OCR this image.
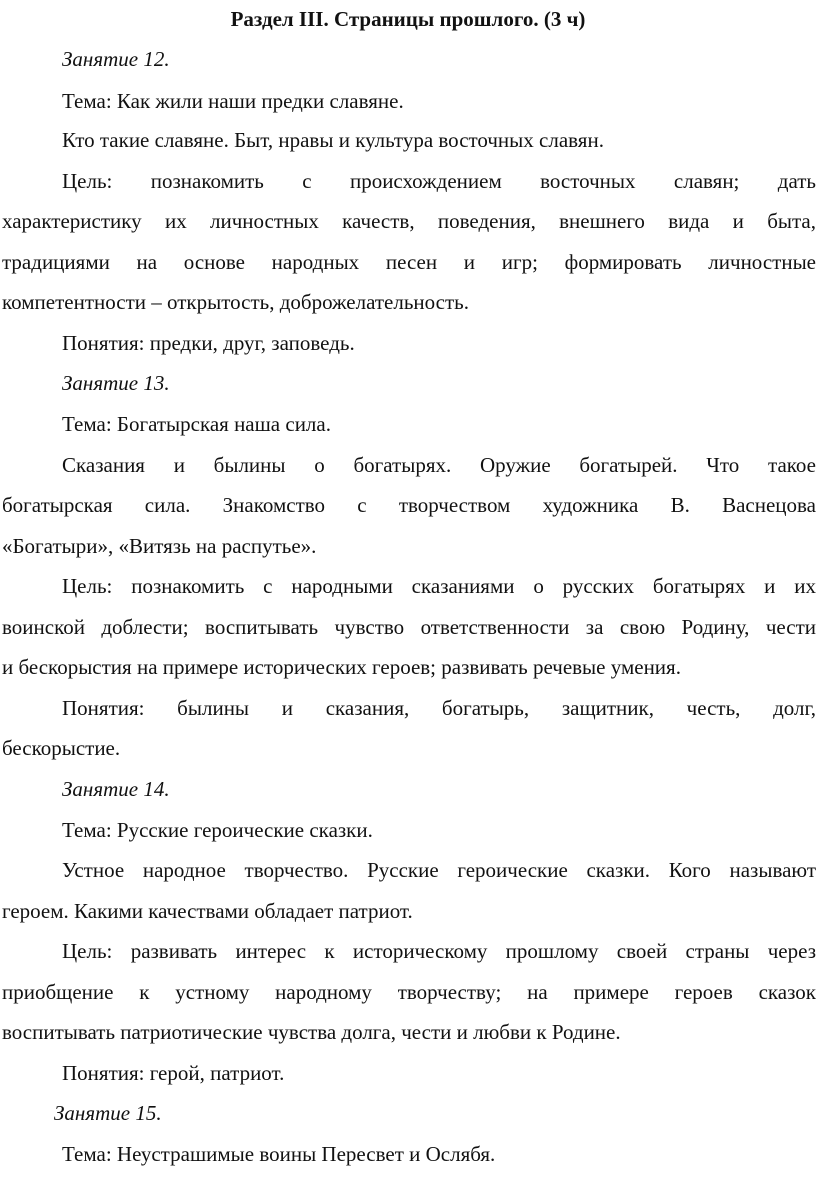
Раздел III. Страницы прошлого. (3 ч)
Занятие 12.
Тема: Как жили наши предки славяне.
Кто такие славяне. Быт, нравы и культура восточных славян.
Цель: познакомить с происхождением восточных славян; дать
характеристику их личностных качеств, поведения, внешнего вида и быта,
традициями на основе народных песен и игр; формировать личностные
компетентности – открытость, доброжелательность.
Понятия: предки, друг, заповедь.
Занятие 13.
Тема: Богатырская наша сила.
Сказания и былины о богатырях. Оружие богатырей. Что такое
богатырская сила. Знакомство с творчеством художника В. Васнецова
«Богатыри», «Витязь на распутье».
Цель: познакомить с народными сказаниями о русских богатырях и их
воинской доблести; воспитывать чувство ответственности за свою Родину, чести
и бескорыстия на примере исторических героев; развивать речевые умения.
Понятия: былины и сказания, богатырь, защитник, честь, долг,
бескорыстие.
Занятие 14.
Тема: Русские героические сказки.
Устное народное творчество. Русские героические сказки. Кого называют
героем. Какими качествами обладает патриот.
Цель: развивать интерес к историческому прошлому своей страны через
приобщение к устному народному творчеству; на примере героев сказок
воспитывать патриотические чувства долга, чести и любви к Родине.
Понятия: герой, патриот.
Занятие 15.
Тема: Неустрашимые воины Пересвет и Ослябя.
